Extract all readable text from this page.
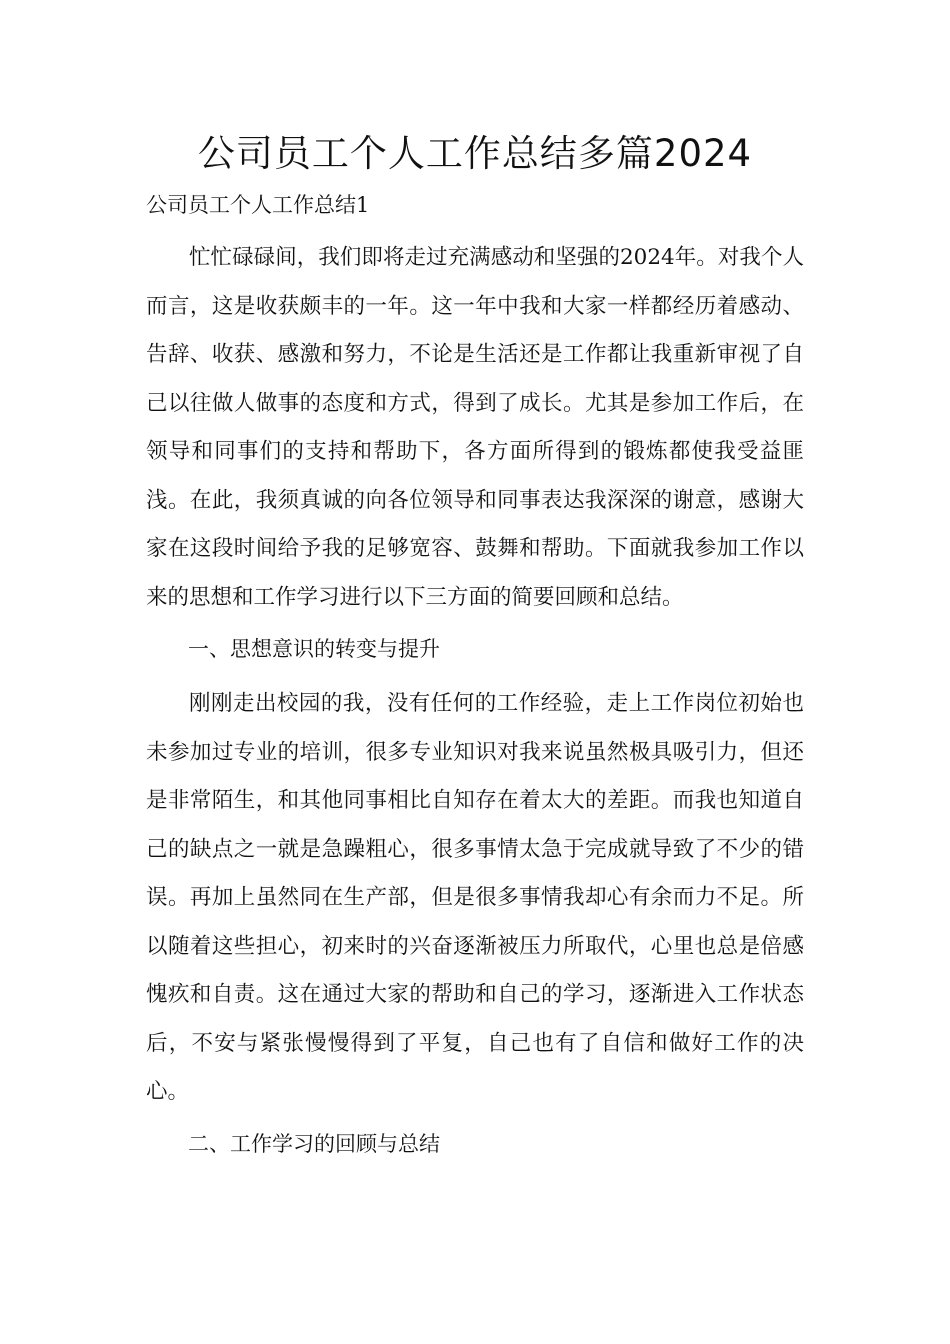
公司员工个人工作总结多篇2024
公司员工个人工作总结1

忙忙碌碌间，我们即将走过充满感动和坚强的2024年。对我个人而言，这是收获颇丰的一年。这一年中我和大家一样都经历着感动、告辞、收获、感激和努力，不论是生活还是工作都让我重新审视了自己以往做人做事的态度和方式，得到了成长。尤其是参加工作后，在领导和同事们的支持和帮助下，各方面所得到的锻炼都使我受益匪浅。在此，我须真诚的向各位领导和同事表达我深深的谢意，感谢大家在这段时间给予我的足够宽容、鼓舞和帮助。下面就我参加工作以来的思想和工作学习进行以下三方面的简要回顾和总结。

一、思想意识的转变与提升

刚刚走出校园的我，没有任何的工作经验，走上工作岗位初始也未参加过专业的培训，很多专业知识对我来说虽然极具吸引力，但还是非常陌生，和其他同事相比自知存在着太大的差距。而我也知道自己的缺点之一就是急躁粗心，很多事情太急于完成就导致了不少的错误。再加上虽然同在生产部，但是很多事情我却心有余而力不足。所以随着这些担心，初来时的兴奋逐渐被压力所取代，心里也总是倍感愧疚和自责。这在通过大家的帮助和自己的学习，逐渐进入工作状态后，不安与紧张慢慢得到了平复，自己也有了自信和做好工作的决心。

二、工作学习的回顾与总结
